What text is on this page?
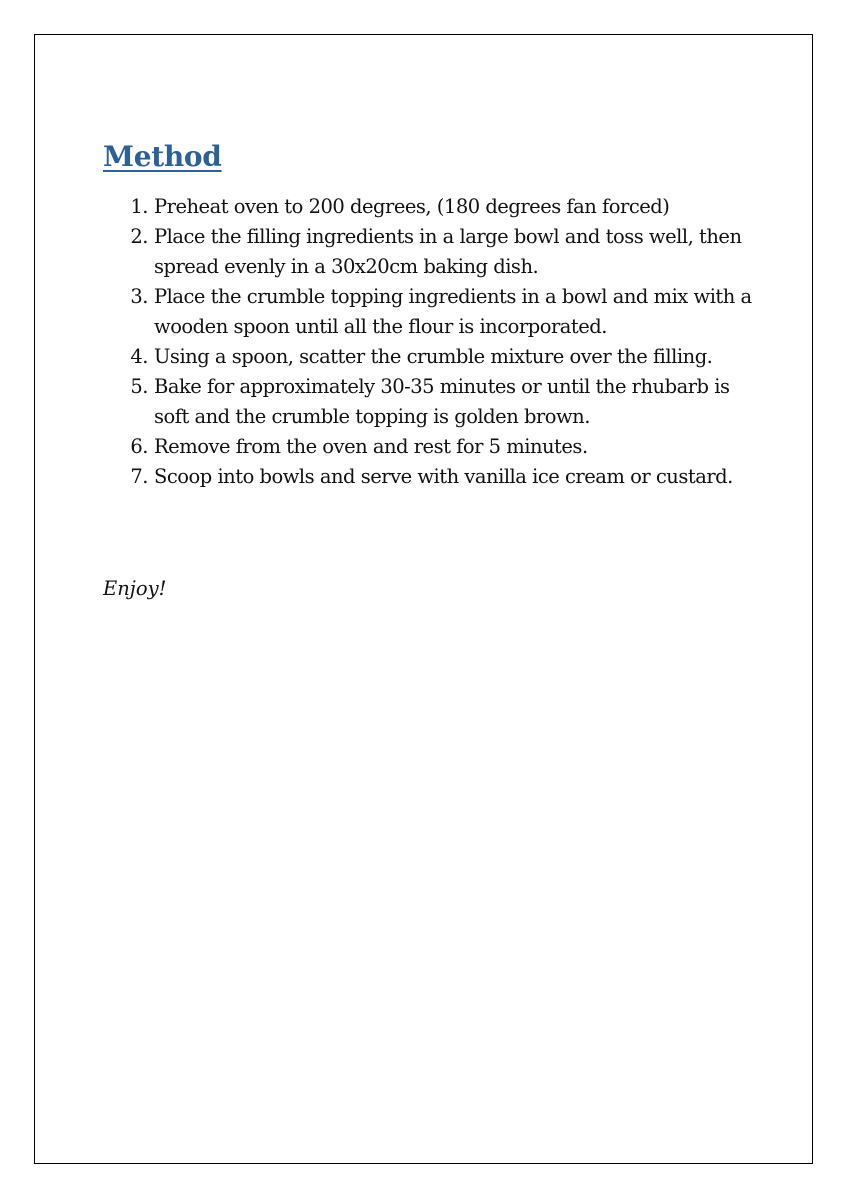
Method
1. Preheat oven to 200 degrees, (180 degrees fan forced)
2. Place the filling ingredients in a large bowl and toss well, then spread evenly in a 30x20cm baking dish.
3. Place the crumble topping ingredients in a bowl and mix with a wooden spoon until all the flour is incorporated.
4. Using a spoon, scatter the crumble mixture over the filling.
5. Bake for approximately 30-35 minutes or until the rhubarb is soft and the crumble topping is golden brown.
6. Remove from the oven and rest for 5 minutes.
7. Scoop into bowls and serve with vanilla ice cream or custard.
Enjoy!
